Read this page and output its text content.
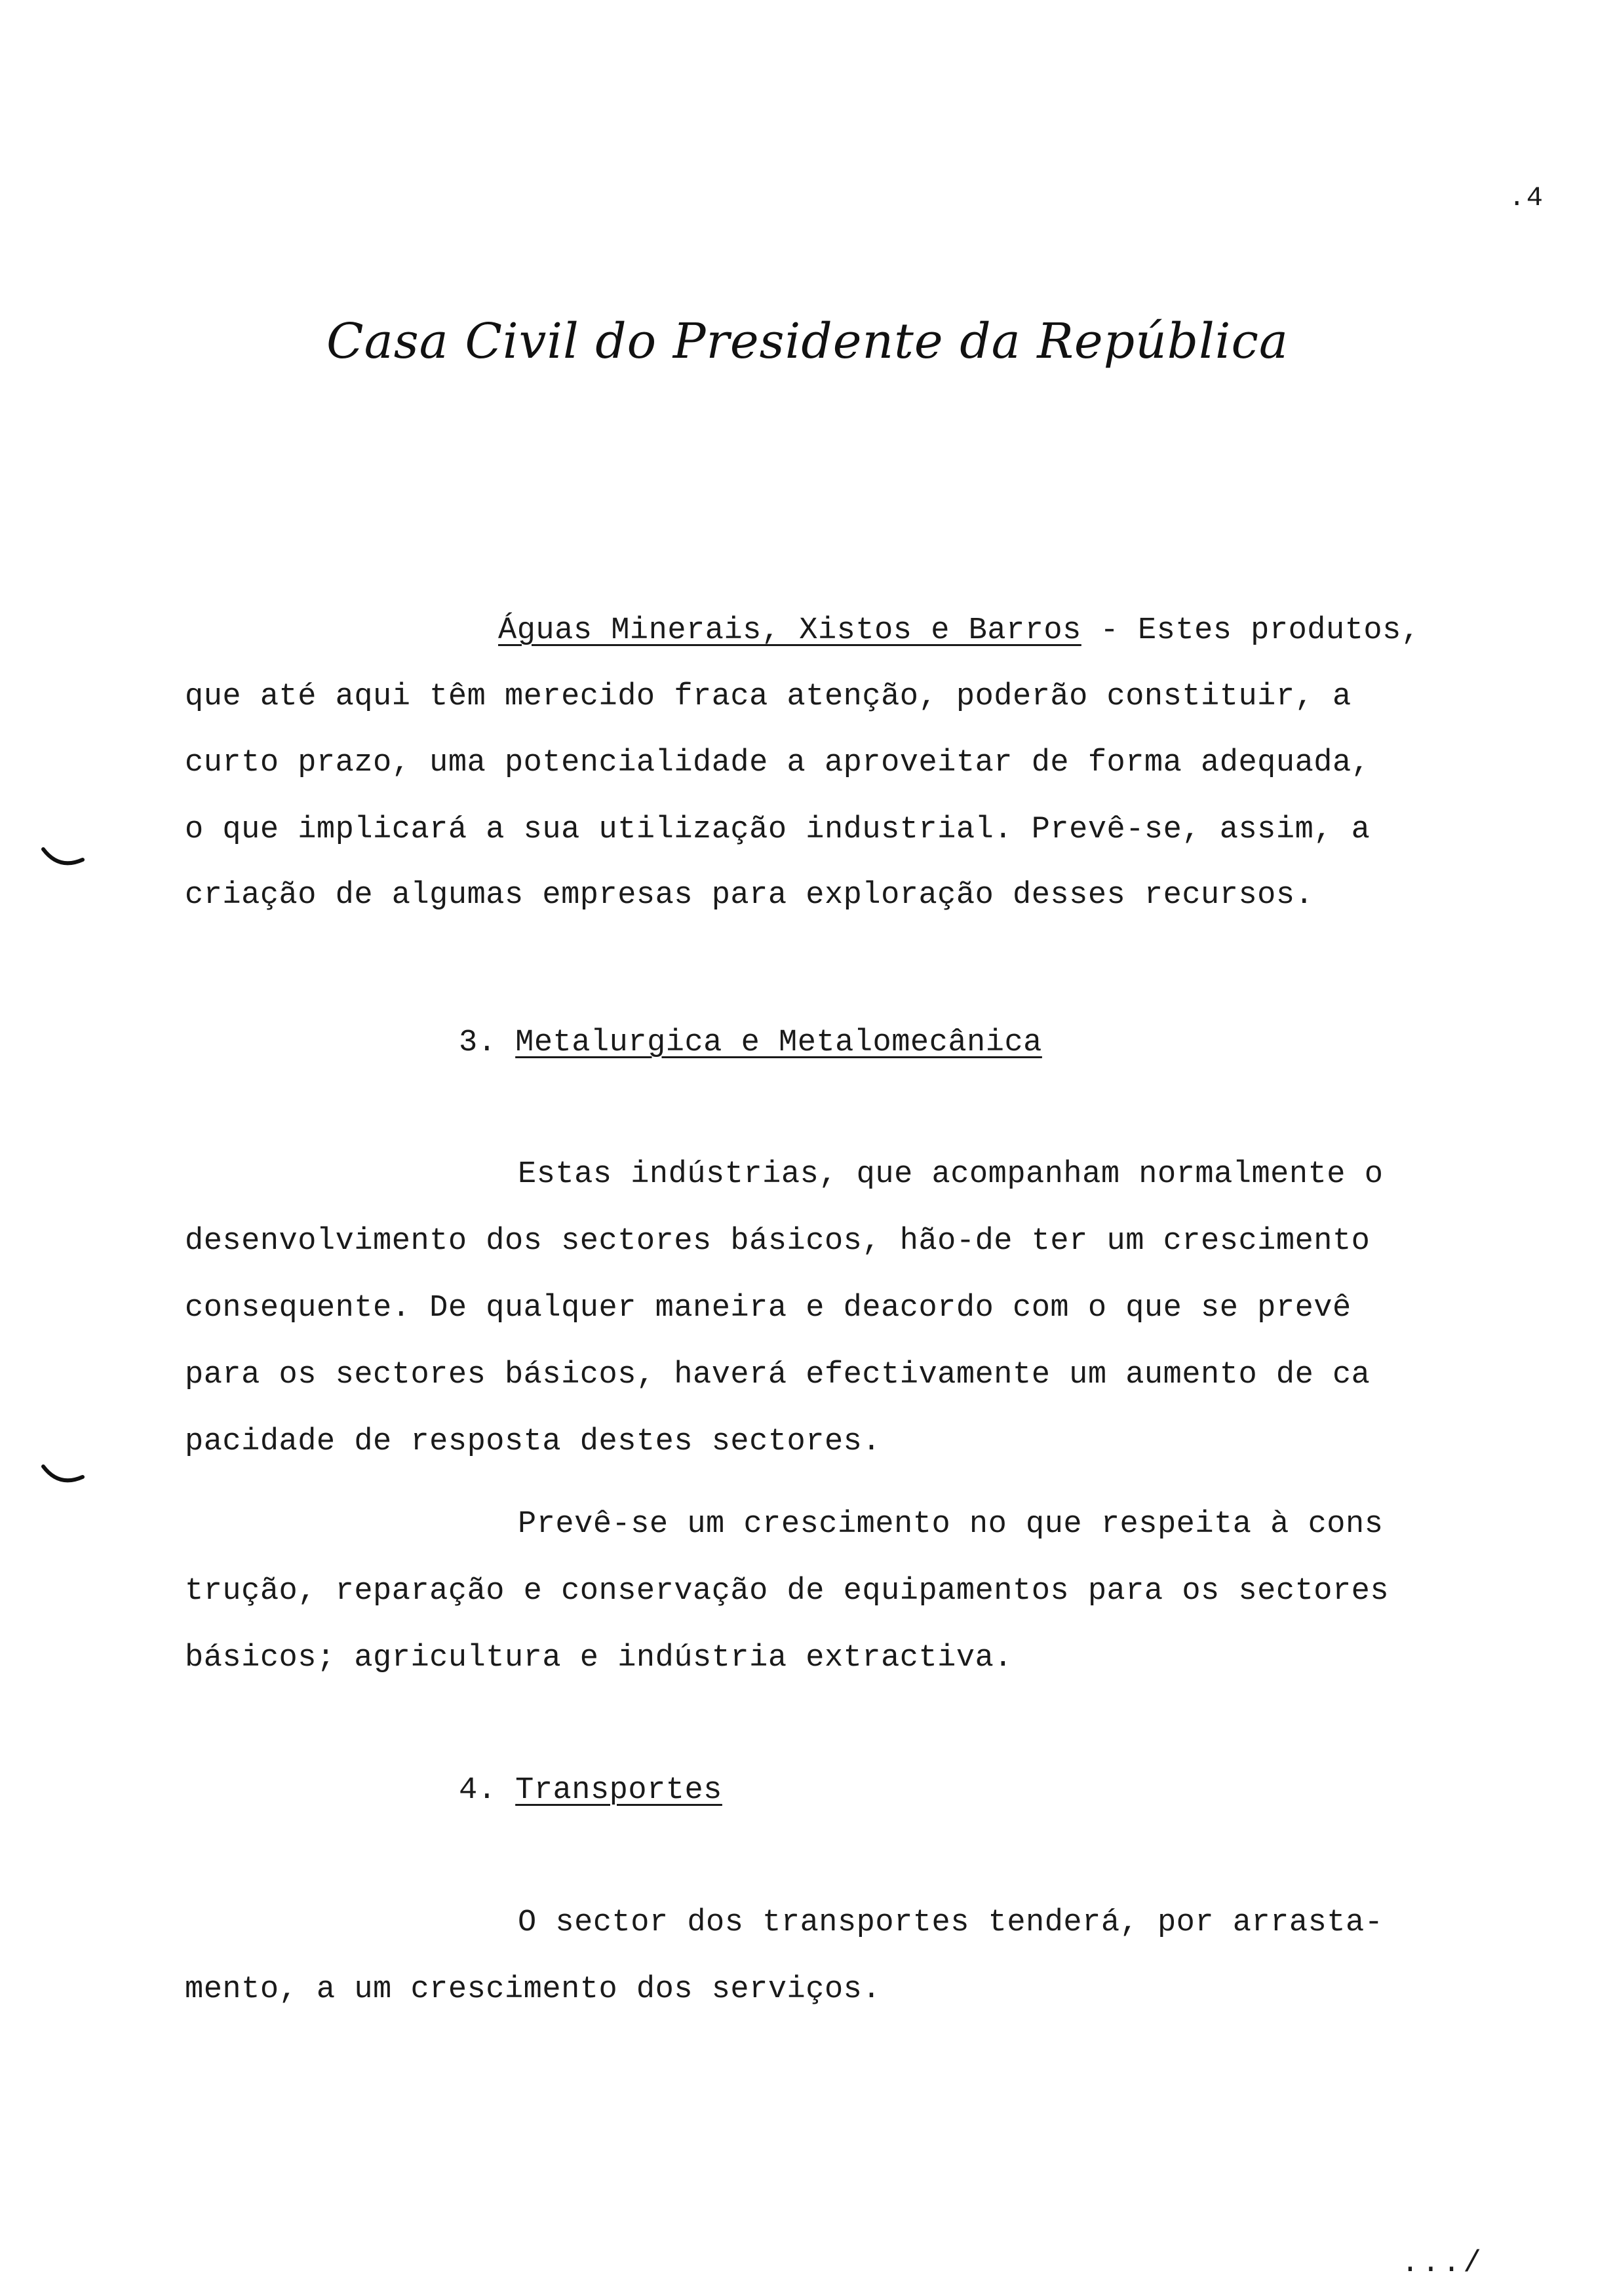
.4
Casa Civil do Presidente da República
Águas Minerais, Xistos e Barros - Estes produtos,
que até aqui têm merecido fraca atenção, poderão constituir, a
curto prazo, uma potencialidade a aproveitar de forma adequada,
o que implicará a sua utilização industrial. Prevê-se, assim, a
criação de algumas empresas para exploração desses recursos.
3. Metalurgica e Metalomecânica
Estas indústrias, que acompanham normalmente o
desenvolvimento dos sectores básicos, hão-de ter um crescimento
consequente. De qualquer maneira e deacordo com o que se prevê
para os sectores básicos, haverá efectivamente um aumento de ca
pacidade de resposta destes sectores.
Prevê-se um crescimento no que respeita à cons
trução, reparação e conservação de equipamentos para os sectores
básicos; agricultura e indústria extractiva.
4. Transportes
O sector dos transportes tenderá, por arrasta-
mento, a um crescimento dos serviços.
.../
